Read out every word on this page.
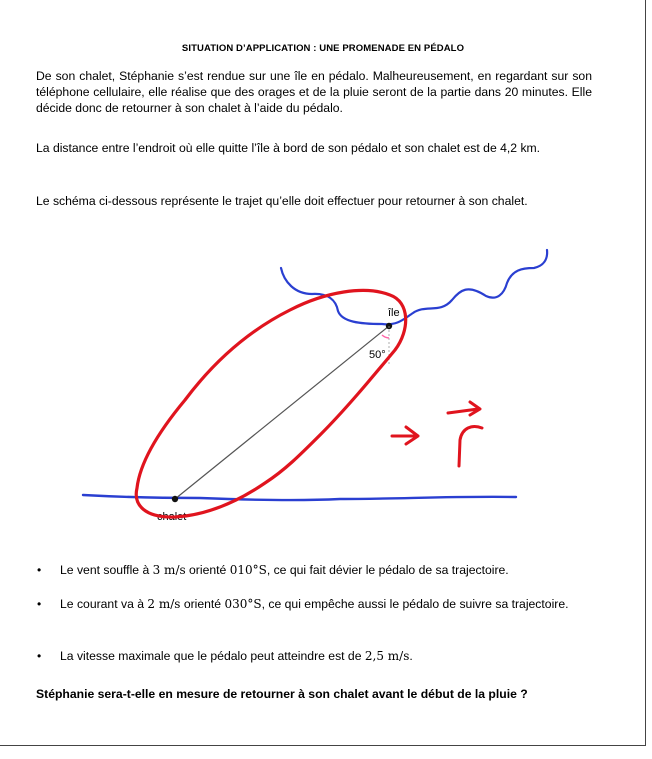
SITUATION D’APPLICATION : UNE PROMENADE EN PÉDALO

De son chalet, Stéphanie s’est rendue sur une île en pédalo. Malheureusement, en regardant sur son téléphone cellulaire, elle réalise que des orages et de la pluie seront de la partie dans 20 minutes. Elle décide donc de retourner à son chalet à l’aide du pédalo.

La distance entre l’endroit où elle quitte l’île à bord de son pédalo et son chalet est de 4,2 km.

Le schéma ci-dessous représente le trajet qu’elle doit effectuer pour retourner à son chalet.

île
50°
chalet
• Le vent souffle à 3 m/s orienté 010°S, ce qui fait dévier le pédalo de sa trajectoire.
• Le courant va à 2 m/s orienté 030°S, ce qui empêche aussi le pédalo de suivre sa trajectoire.
• La vitesse maximale que le pédalo peut atteindre est de 2,5 m/s.

Stéphanie sera-t-elle en mesure de retourner à son chalet avant le début de la pluie ?
